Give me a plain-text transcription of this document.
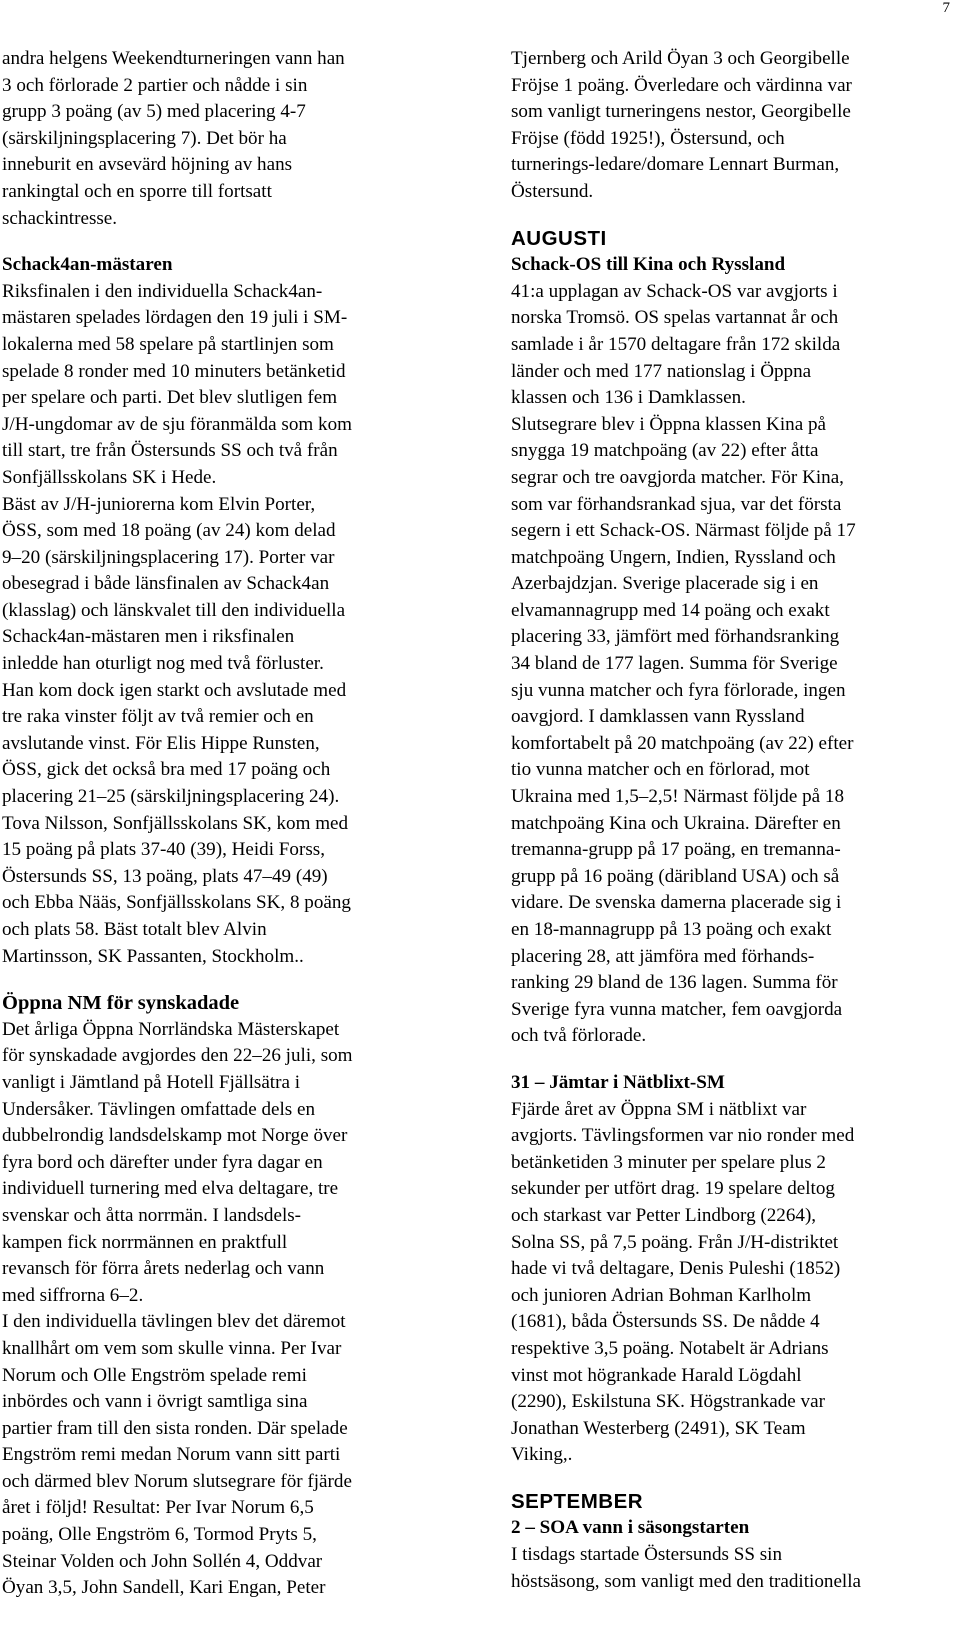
7
andra helgens Weekendturneringen vann han
3 och förlorade 2 partier och nådde i sin
grupp 3 poäng (av 5) med placering 4-7
(särskiljningsplacering 7). Det bör ha
inneburit en avsevärd höjning av hans
rankingtal och en sporre till fortsatt
schackintresse.
Schack4an-mästaren
Riksfinalen i den individuella Schack4an-
mästaren spelades lördagen den 19 juli i SM-
lokalerna med 58 spelare på startlinjen som
spelade 8 ronder med 10 minuters betänketid
per spelare och parti. Det blev slutligen fem
J/H-ungdomar av de sju föranmälda som kom
till start, tre från Östersunds SS och två från
Sonfjällsskolans SK i Hede.
Bäst av J/H-juniorerna kom Elvin Porter,
ÖSS, som med 18 poäng (av 24) kom delad
9–20 (särskiljningsplacering 17). Porter var
obesegrad i både länsfinalen av Schack4an
(klasslag) och länskvalet till den individuella
Schack4an-mästaren men i riksfinalen
inledde han oturligt nog med två förluster.
Han kom dock igen starkt och avslutade med
tre raka vinster följt av två remier och en
avslutande vinst. För Elis Hippe Runsten,
ÖSS, gick det också bra med 17 poäng och
placering 21–25 (särskiljningsplacering 24).
Tova Nilsson, Sonfjällsskolans SK, kom med
15 poäng på plats 37-40 (39), Heidi Forss,
Östersunds SS, 13 poäng, plats 47–49 (49)
och Ebba Nääs, Sonfjällsskolans SK, 8 poäng
och plats 58. Bäst totalt blev Alvin
Martinsson, SK Passanten, Stockholm..
Öppna NM för synskadade
Det årliga Öppna Norrländska Mästerskapet
för synskadade avgjordes den 22–26 juli, som
vanligt i Jämtland på Hotell Fjällsätra i
Undersåker. Tävlingen omfattade dels en
dubbelrondig landsdelskamp mot Norge över
fyra bord och därefter under fyra dagar en
individuell turnering med elva deltagare, tre
svenskar och åtta norrmän. I landsdels-
kampen fick norrmännen en praktfull
revansch för förra årets nederlag och vann
med siffrorna 6–2.
I den individuella tävlingen blev det däremot
knallhårt om vem som skulle vinna. Per Ivar
Norum och Olle Engström spelade remi
inbördes och vann i övrigt samtliga sina
partier fram till den sista ronden. Där spelade
Engström remi medan Norum vann sitt parti
och därmed blev Norum slutsegrare för fjärde
året i följd! Resultat: Per Ivar Norum 6,5
poäng, Olle Engström 6, Tormod Pryts 5,
Steinar Volden och John Sollén 4, Oddvar
Öyan 3,5, John Sandell, Kari Engan, Peter
Tjernberg och Arild Öyan 3 och Georgibelle
Fröjse 1 poäng. Överledare och värdinna var
som vanligt turneringens nestor, Georgibelle
Fröjse (född 1925!), Östersund, och
turnerings-ledare/domare Lennart Burman,
Östersund.
AUGUSTI
Schack-OS till Kina och Ryssland
41:a upplagan av Schack-OS var avgjorts i
norska Tromsö. OS spelas vartannat år och
samlade i år 1570 deltagare från 172 skilda
länder och med 177 nationslag i Öppna
klassen och 136 i Damklassen.
Slutsegrare blev i Öppna klassen Kina på
snygga 19 matchpoäng (av 22) efter åtta
segrar och tre oavgjorda matcher. För Kina,
som var förhandsrankad sjua, var det första
segern i ett Schack-OS. Närmast följde på 17
matchpoäng Ungern, Indien, Ryssland och
Azerbajdzjan. Sverige placerade sig i en
elvamannagrupp med 14 poäng och exakt
placering 33, jämfört med förhandsranking
34 bland de 177 lagen. Summa för Sverige
sju vunna matcher och fyra förlorade, ingen
oavgjord. I damklassen vann Ryssland
komfortabelt på 20 matchpoäng (av 22) efter
tio vunna matcher och en förlorad, mot
Ukraina med 1,5–2,5! Närmast följde på 18
matchpoäng Kina och Ukraina. Därefter en
tremanna-grupp på 17 poäng, en tremanna-
grupp på 16 poäng (däribland USA) och så
vidare. De svenska damerna placerade sig i
en 18-mannagrupp på 13 poäng och exakt
placering 28, att jämföra med förhands-
ranking 29 bland de 136 lagen. Summa för
Sverige fyra vunna matcher, fem oavgjorda
och två förlorade.
31 – Jämtar i Nätblixt-SM
Fjärde året av Öppna SM i nätblixt var
avgjorts. Tävlingsformen var nio ronder med
betänketiden 3 minuter per spelare plus 2
sekunder per utfört drag. 19 spelare deltog
och starkast var Petter Lindborg (2264),
Solna SS, på 7,5 poäng. Från J/H-distriktet
hade vi två deltagare, Denis Puleshi (1852)
och junioren Adrian Bohman Karlholm
(1681), båda Östersunds SS. De nådde 4
respektive 3,5 poäng. Notabelt är Adrians
vinst mot högrankade Harald Lögdahl
(2290), Eskilstuna SK. Högstrankade var
Jonathan Westerberg (2491), SK Team
Viking,.
SEPTEMBER
2 – SOA vann i säsongstarten
I tisdags startade Östersunds SS sin
höstsäsong, som vanligt med den traditionella
